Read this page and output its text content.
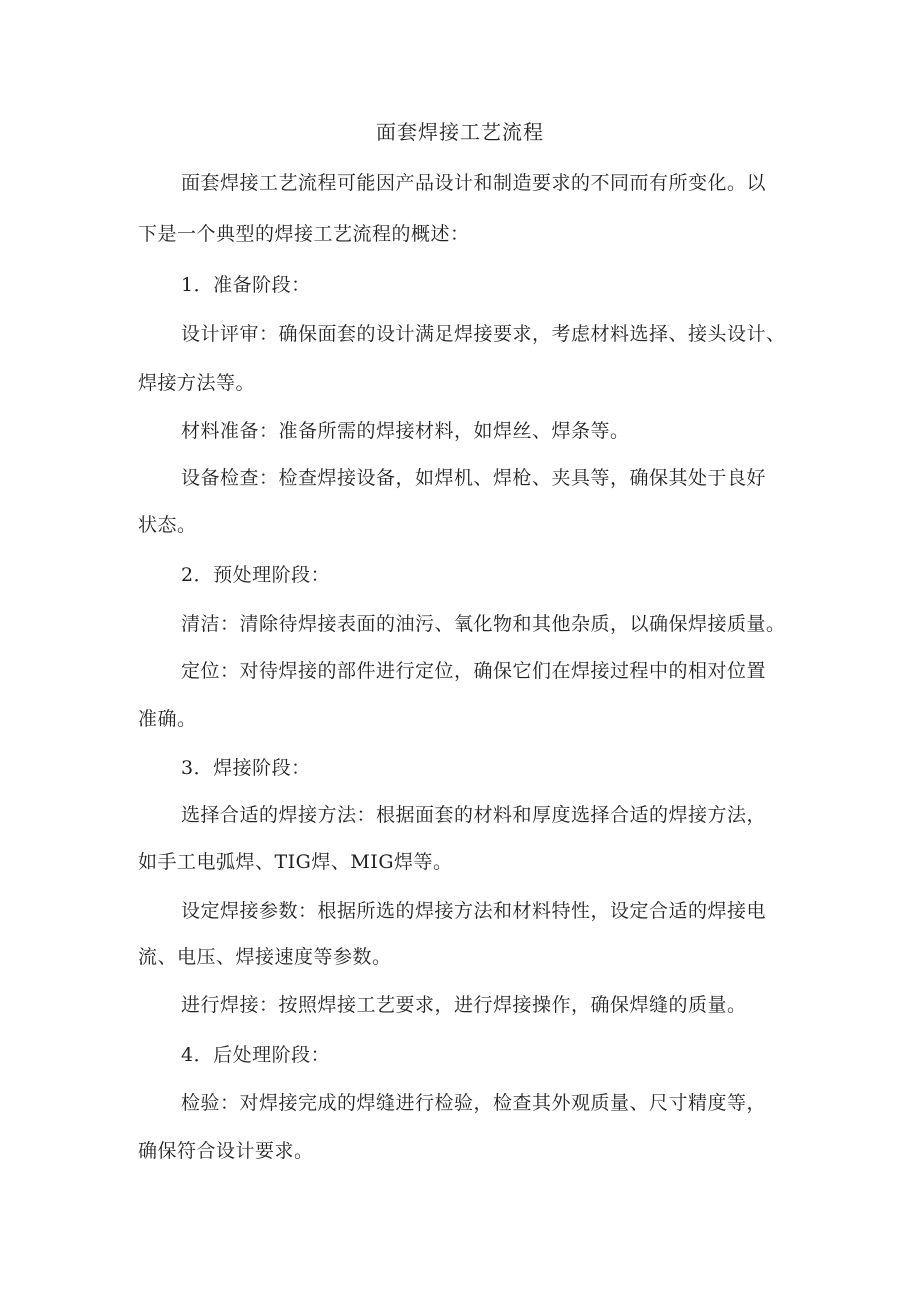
面套焊接工艺流程
面套焊接工艺流程可能因产品设计和制造要求的不同而有所变化。以
下是一个典型的焊接工艺流程的概述：
1．准备阶段：
设计评审：确保面套的设计满足焊接要求，考虑材料选择、接头设计、
焊接方法等。
材料准备：准备所需的焊接材料，如焊丝、焊条等。
设备检查：检查焊接设备，如焊机、焊枪、夹具等，确保其处于良好
状态。
2．预处理阶段：
清洁：清除待焊接表面的油污、氧化物和其他杂质，以确保焊接质量。
定位：对待焊接的部件进行定位，确保它们在焊接过程中的相对位置
准确。
3．焊接阶段：
选择合适的焊接方法：根据面套的材料和厚度选择合适的焊接方法，
如手工电弧焊、TIG焊、MIG焊等。
设定焊接参数：根据所选的焊接方法和材料特性，设定合适的焊接电
流、电压、焊接速度等参数。
进行焊接：按照焊接工艺要求，进行焊接操作，确保焊缝的质量。
4．后处理阶段：
检验：对焊接完成的焊缝进行检验，检查其外观质量、尺寸精度等，
确保符合设计要求。
